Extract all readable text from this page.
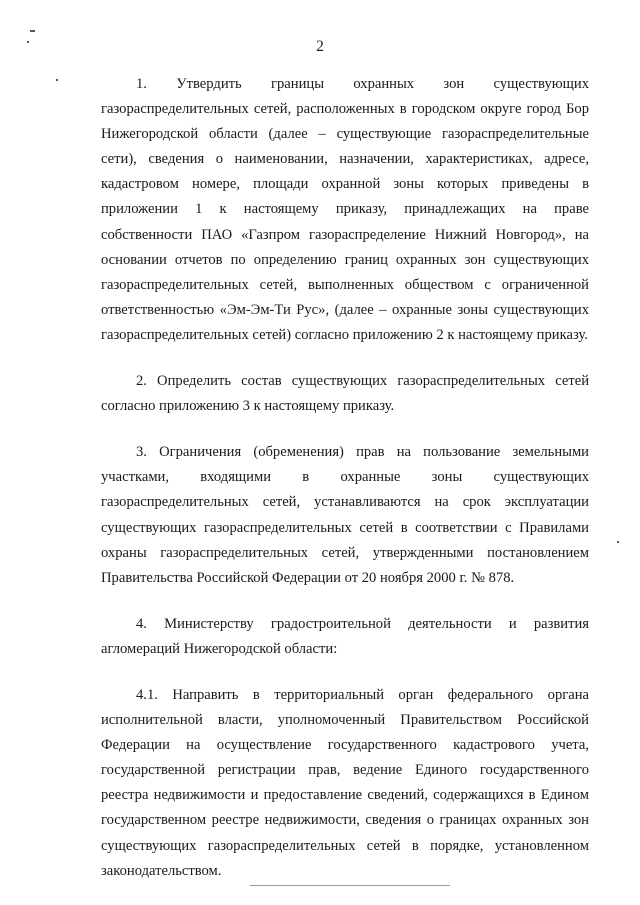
2

1. Утвердить границы охранных зон существующих газораспределительных сетей, расположенных в городском округе город Бор Нижегородской области (далее – существующие газораспределительные сети), сведения о наименовании, назначении, характеристиках, адресе, кадастровом номере, площади охранной зоны которых приведены в приложении 1 к настоящему приказу, принадлежащих на праве собственности ПАО «Газпром газораспределение Нижний Новгород», на основании отчетов по определению границ охранных зон существующих газораспределительных сетей, выполненных обществом с ограниченной ответственностью «Эм-Эм-Ти Рус», (далее – охранные зоны существующих газораспределительных сетей) согласно приложению 2 к настоящему приказу.

2. Определить состав существующих газораспределительных сетей согласно приложению 3 к настоящему приказу.

3. Ограничения (обременения) прав на пользование земельными участками, входящими в охранные зоны существующих газораспределительных сетей, устанавливаются на срок эксплуатации существующих газораспределительных сетей в соответствии с Правилами охраны газораспределительных сетей, утвержденными постановлением Правительства Российской Федерации от 20 ноября 2000 г. № 878.

4. Министерству градостроительной деятельности и развития агломераций Нижегородской области:

4.1. Направить в территориальный орган федерального органа исполнительной власти, уполномоченный Правительством Российской Федерации на осуществление государственного кадастрового учета, государственной регистрации прав, ведение Единого государственного реестра недвижимости и предоставление сведений, содержащихся в Едином государственном реестре недвижимости, сведения о границах охранных зон существующих газораспределительных сетей в порядке, установленном законодательством.
